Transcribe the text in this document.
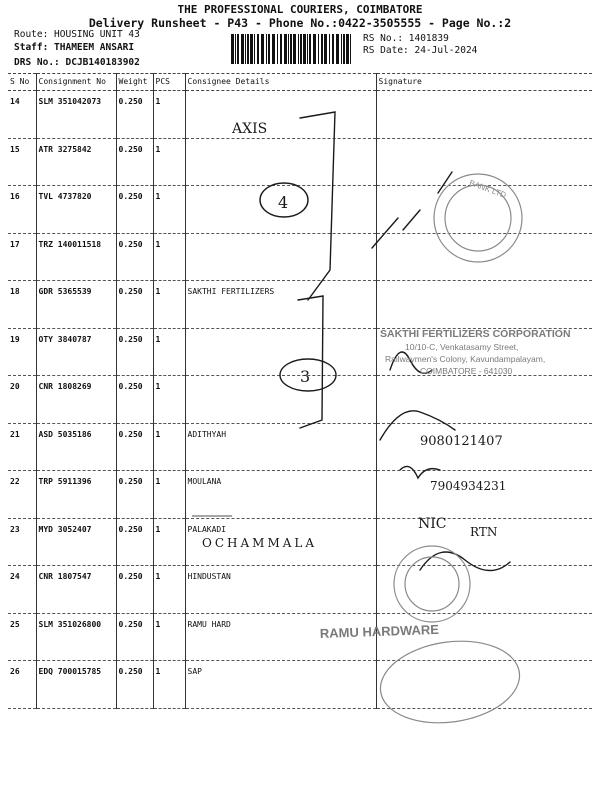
THE PROFESSIONAL COURIERS, COIMBATORE
Delivery Runsheet - P43 - Phone No.:0422-3505555 - Page No.:2
Route: HOUSING UNIT 43
Staff: THAMEEM ANSARI
DRS No.: DCJB140183902
RS No.: 1401839
RS Date: 24-Jul-2024
S No	Consignment No	Weight	PCS	Consignee Details	Signature
14	SLM 351042073	0.250	1		
15	ATR 3275842	0.250	1		
16	TVL 4737820	0.250	1		
17	TRZ 140011518	0.250	1		
18	GDR 5365539	0.250	1	SAKTHI FERTILIZERS	
19	OTY 3840787	0.250	1		
20	CNR 1808269	0.250	1		
21	ASD 5035186	0.250	1	ADITHYAH	
22	TRP 5911396	0.250	1	MOULANA	
23	MYD 3052407	0.250	1	PALAKADI	
24	CNR 1807547	0.250	1	HINDUSTAN	
25	SLM 351026800	0.250	1	RAMU HARD	
26	EDQ 700015785	0.250	1	SAP	
AXIS
4
3
9080121407
7904934231
NIC RTN
OCHAMMALA
BANK LTD
RAMU HARDWARE
SAKTHI FERTILIZERS CORPORATION
10/10-C, Venkatasamy Street,
Railwaymen's Colony, Kavundampalayam,
COIMBATORE - 641030
